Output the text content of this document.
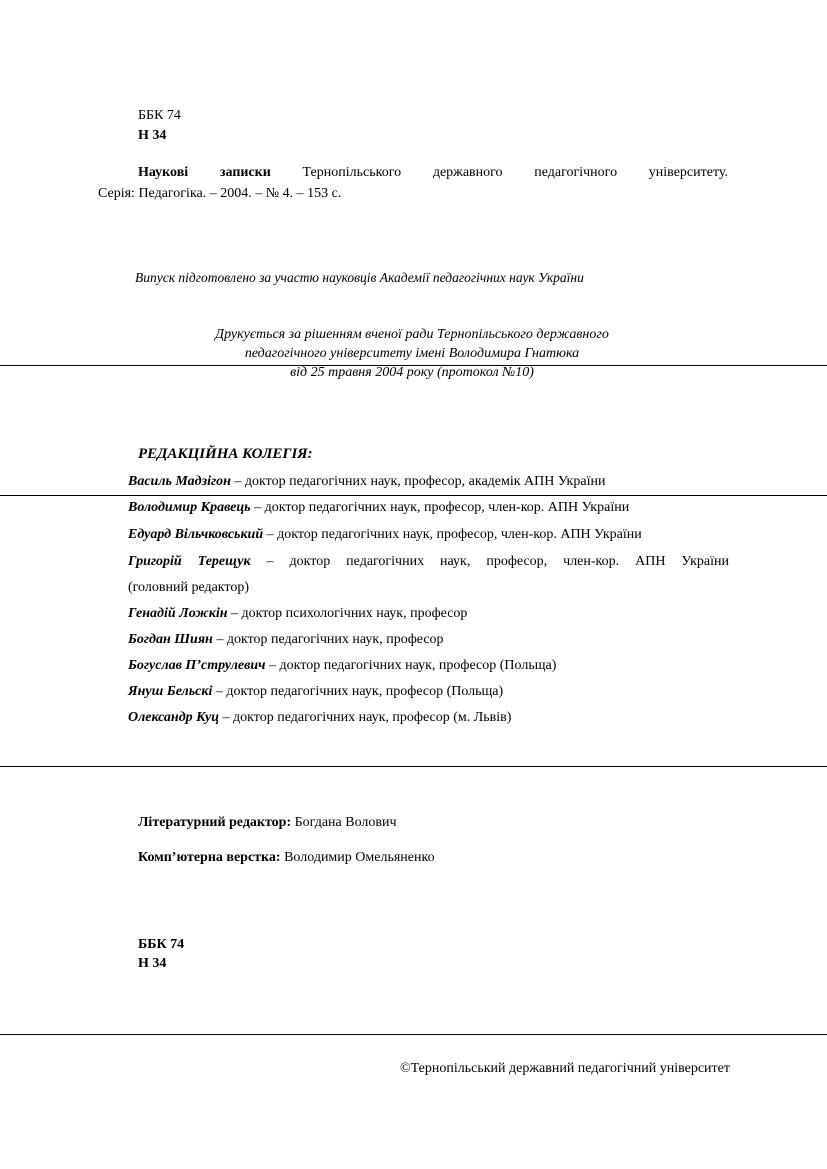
ББК 74
Н 34
Наукові записки Тернопільського державного педагогічного університету.
Серія: Педагогіка. – 2004. – № 4. – 153 с.
Випуск підготовлено за участю науковців Академії педагогічних наук України
Друкується за рішенням вченої ради Тернопільського державного
педагогічного університету імені Володимира Гнатюка
від 25 травня 2004 року (протокол №10)
РЕДАКЦІЙНА КОЛЕГІЯ:
Василь Мадзігон – доктор педагогічних наук, професор, академік АПН України
Володимир Кравець – доктор педагогічних наук, професор, член-кор. АПН України
Едуард Вільчковський – доктор педагогічних наук, професор, член-кор. АПН України
Григорій Терещук – доктор педагогічних наук, професор, член-кор. АПН України
(головний редактор)
Генадій Ложкін – доктор психологічних наук, професор
Богдан Шиян – доктор педагогічних наук, професор
Богуслав П’струлевич – доктор педагогічних наук, професор (Польща)
Януш Бельскі – доктор педагогічних наук, професор (Польща)
Олександр Куц – доктор педагогічних наук, професор (м. Львів)
Літературний редактор: Богдана Волович
Комп’ютерна верстка: Володимир Омельяненко
ББК 74
Н 34
©Тернопільський державний педагогічний університет
